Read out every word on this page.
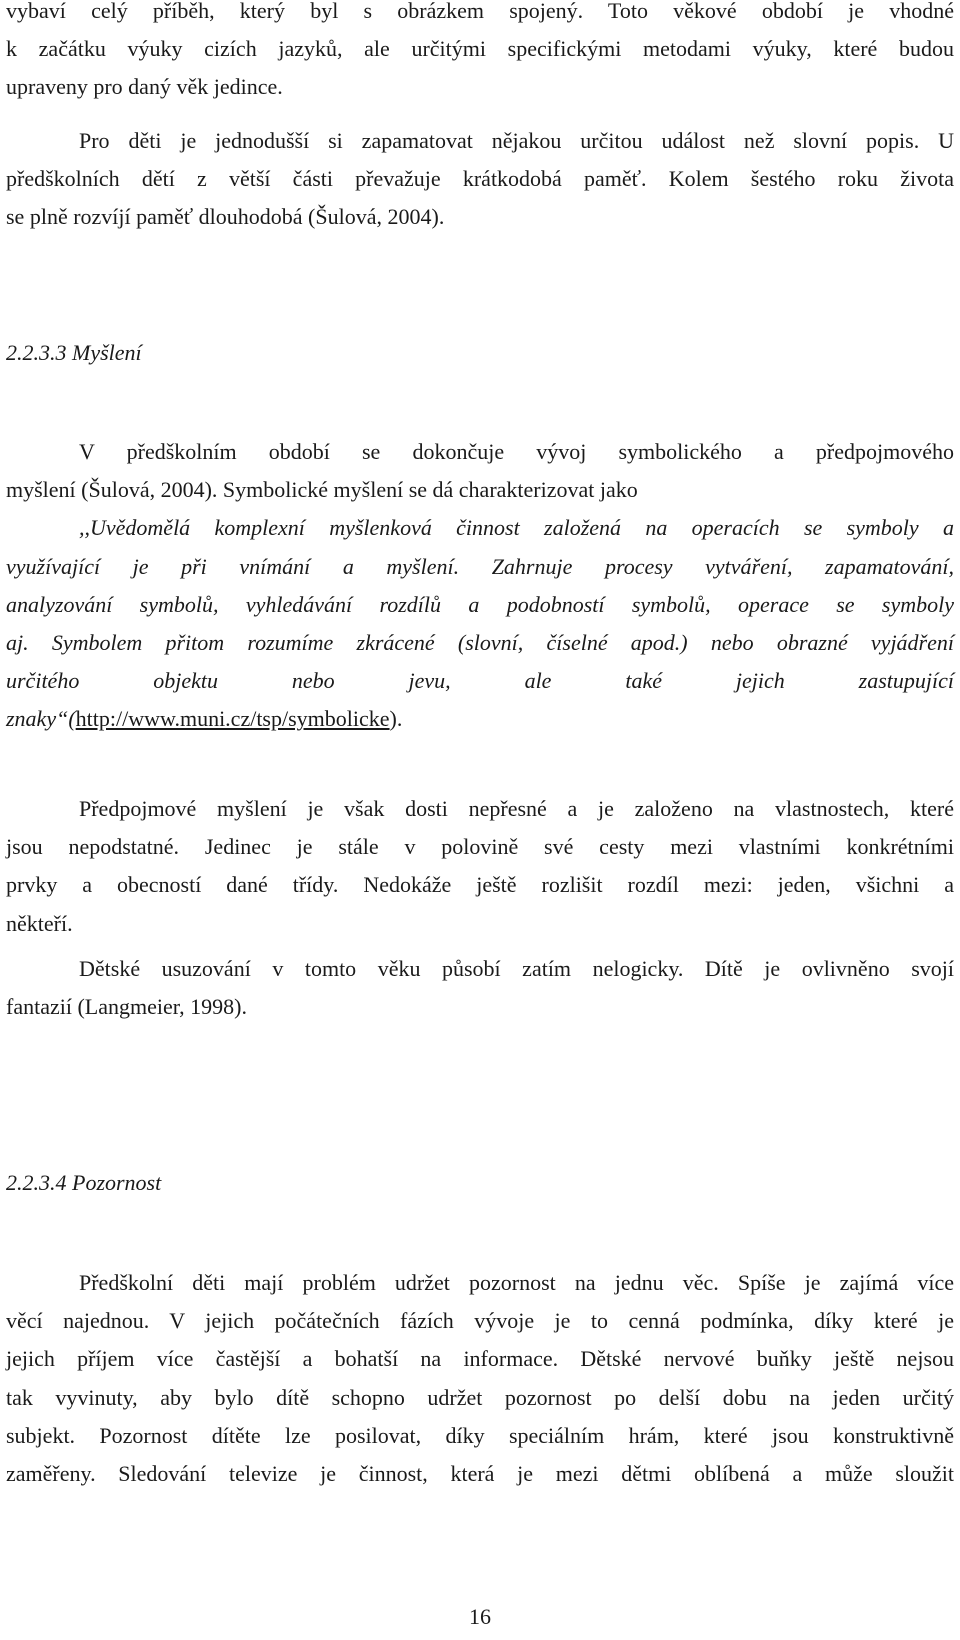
vybaví celý příběh, který byl s obrázkem spojený. Toto věkové období je vhodné
k začátku výuky cizích jazyků, ale určitými specifickými metodami výuky, které budou
upraveny pro daný věk jedince.
Pro děti je jednodušší si zapamatovat nějakou určitou událost než slovní popis. U
předškolních dětí z větší části převažuje krátkodobá paměť. Kolem šestého roku života
se plně rozvíjí paměť dlouhodobá (Šulová, 2004).
2.2.3.3 Myšlení
V předškolním období se dokončuje vývoj symbolického a předpojmového
myšlení (Šulová, 2004). Symbolické myšlení se dá charakterizovat jako
,,Uvědomělá komplexní myšlenková činnost založená na operacích se symboly a
využívající je při vnímání a myšlení. Zahrnuje procesy vytváření, zapamatování,
analyzování symbolů, vyhledávání rozdílů a podobností symbolů, operace se symboly
aj. Symbolem přitom rozumíme zkrácené (slovní, číselné apod.) nebo obrazné vyjádření
určitého objektu nebo jevu, ale také jejich zastupující
znaky“(http://www.muni.cz/tsp/symbolicke).
Předpojmové myšlení je však dosti nepřesné a je založeno na vlastnostech, které
jsou nepodstatné. Jedinec je stále v polovině své cesty mezi vlastními konkrétními
prvky a obecností dané třídy. Nedokáže ještě rozlišit rozdíl mezi: jeden, všichni a
někteří.
Dětské usuzování v tomto věku působí zatím nelogicky. Dítě je ovlivněno svojí
fantazií (Langmeier, 1998).
2.2.3.4 Pozornost
Předškolní děti mají problém udržet pozornost na jednu věc. Spíše je zajímá více
věcí najednou. V jejich počátečních fázích vývoje je to cenná podmínka, díky které je
jejich příjem více častější a bohatší na informace. Dětské nervové buňky ještě nejsou
tak vyvinuty, aby bylo dítě schopno udržet pozornost po delší dobu na jeden určitý
subjekt. Pozornost dítěte lze posilovat, díky speciálním hrám, které jsou konstruktivně
zaměřeny. Sledování televize je činnost, která je mezi dětmi oblíbená a může sloužit
16
